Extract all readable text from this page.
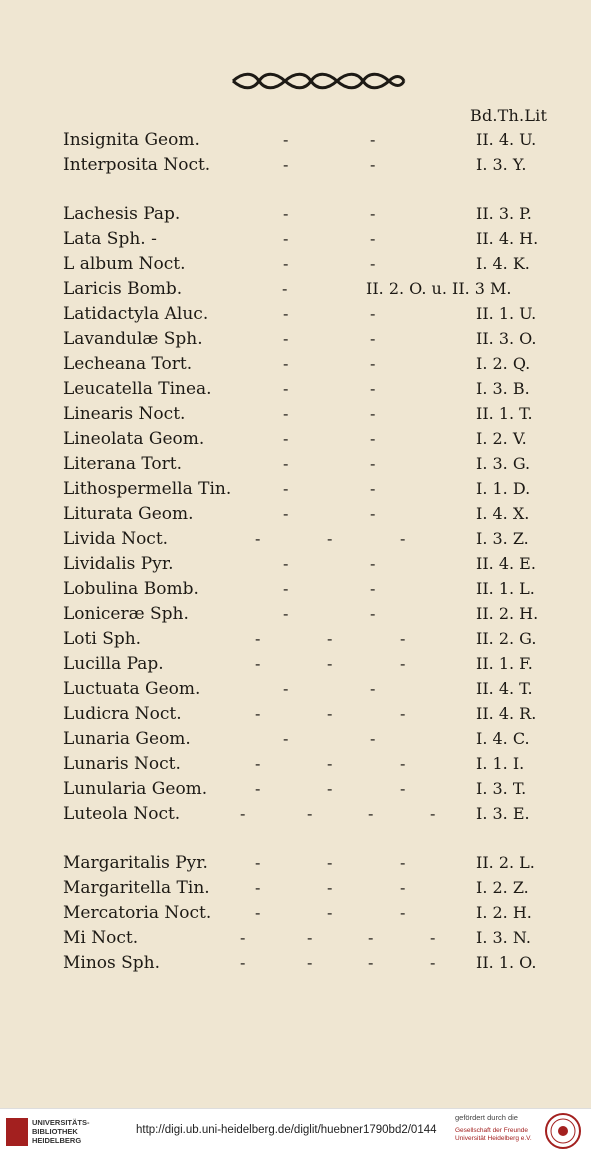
Bd.Th.Lit
Insignita Geom.	-	-	II. 4. U.
Interposita Noct.	-	-	I. 3. Y.
Lachesis Pap.	-	-	II. 3. P.
Lata Sph. -	-	-	II. 4. H.
L album Noct.	-	-	I. 4. K.
Laricis Bomb.	-	II. 2. O. u. II. 3 M.
Latidactyla Aluc.	-	-	II. 1. U.
Lavandulæ Sph.	-	-	II. 3. O.
Lecheana Tort.	-	-	I. 2. Q.
Leucatella Tinea.	-	-	I. 3. B.
Linearis Noct.	-	-	II. 1. T.
Lineolata Geom.	-	-	I. 2. V.
Literana Tort.	-	-	I. 3. G.
Lithospermella Tin.	-	-	I. 1. D.
Liturata Geom.	-	-	I. 4. X.
Livida Noct.	-	-	-	I. 3. Z.
Lividalis Pyr.	-	-	II. 4. E.
Lobulina Bomb.	-	-	II. 1. L.
Loniceræ Sph.	-	-	II. 2. H.
Loti Sph.	-	-	-	II. 2. G.
Lucilla Pap.	-	-	-	II. 1. F.
Luctuata Geom.	-	-	II. 4. T.
Ludicra Noct.	-	-	-	II. 4. R.
Lunaria Geom.	-	-	I. 4. C.
Lunaris Noct.	-	-	-	I. 1. I.
Lunularia Geom.	-	-	-	I. 3. T.
Luteola Noct.	-	-	-	-	I. 3. E.
Margaritalis Pyr.	-	-	-	II. 2. L.
Margaritella Tin.	-	-	-	I. 2. Z.
Mercatoria Noct.	-	-	-	I. 2. H.
Mi Noct.	-	-	-	-	I. 3. N.
Minos Sph.	-	-	-	-	II. 1. O.
UNIVERSITÄTS-
BIBLIOTHEK
HEIDELBERG
http://digi.ub.uni-heidelberg.de/diglit/huebner1790bd2/0144
gefördert durch die
Gesellschaft der Freunde
Universität Heidelberg e.V.
